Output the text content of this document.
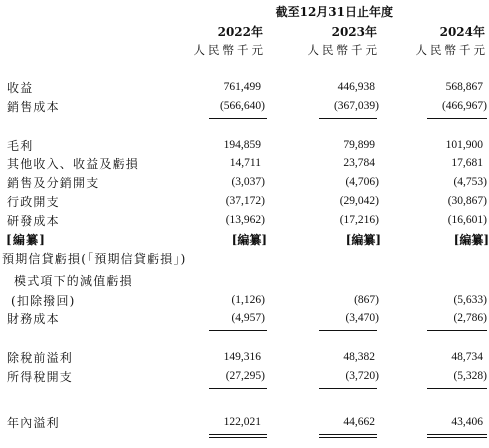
截至12月31日止年度
2022年	2023年	2024年
人民幣千元	人民幣千元	人民幣千元
收益	761,499	446,938	568,867
銷售成本	(566,640)	(367,039)	(466,967)
毛利	194,859	79,899	101,900
其他收入、收益及虧損	14,711	23,784	17,681
銷售及分銷開支	(3,037)	(4,706)	(4,753)
行政開支	(37,172)	(29,042)	(30,867)
研發成本	(13,962)	(17,216)	(16,601)
[編纂]	[編纂]	[編纂]	[編纂]
預期信貸虧損(「預期信貸虧損」)
模式項下的減值虧損
(扣除撥回)	(1,126)	(867)	(5,633)
財務成本	(4,957)	(3,470)	(2,786)
除稅前溢利	149,316	48,382	48,734
所得稅開支	(27,295)	(3,720)	(5,328)
年內溢利	122,021	44,662	43,406
